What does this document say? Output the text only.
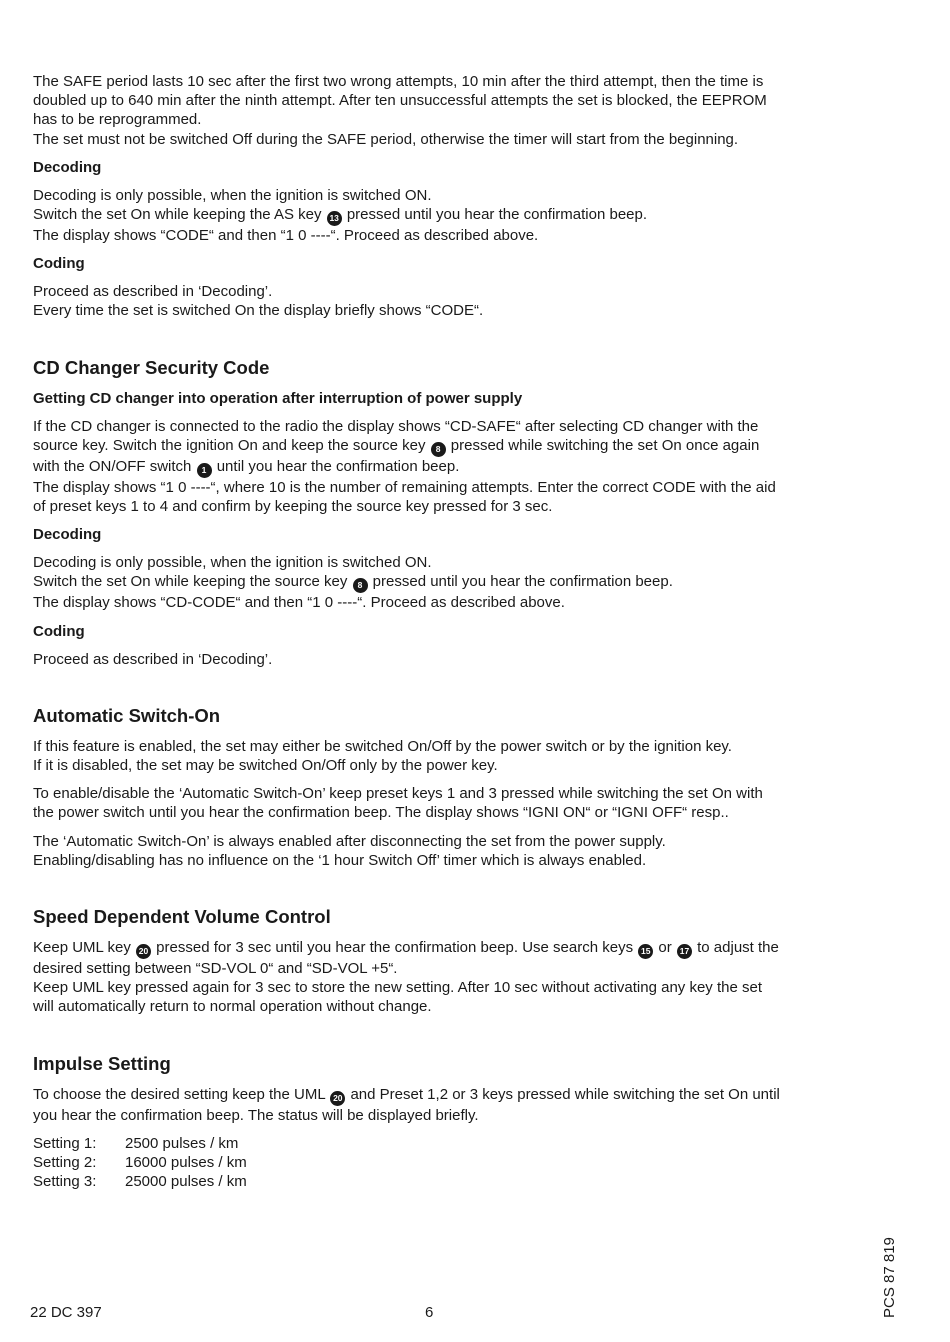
The SAFE period lasts 10 sec after the first two wrong attempts, 10 min after the third attempt, then the time is
doubled up to 640 min after the ninth attempt. After ten unsuccessful attempts the set is blocked, the EEPROM
has to be reprogrammed.
The set must not be switched Off during the SAFE period, otherwise the timer will start from the beginning.

Decoding

Decoding is only possible, when the ignition is switched ON.
Switch the set On while keeping the AS key 13 pressed until you hear the confirmation beep.
The display shows “CODE“ and then “1 0 ----“. Proceed as described above.

Coding

Proceed as described in ‘Decoding’.
Every time the set is switched On the display briefly shows “CODE“.

CD Changer Security Code
Getting CD changer into operation after interruption of power supply

If the CD changer is connected to the radio the display shows “CD-SAFE“ after selecting CD changer with the
source key. Switch the ignition On and keep the source key 8 pressed while switching the set On once again
with the ON/OFF switch 1 until you hear the confirmation beep.
The display shows “1 0 ----“, where 10 is the number of remaining attempts. Enter the correct CODE with the aid
of preset keys 1 to 4 and confirm by keeping the source key pressed for 3 sec.

Decoding

Decoding is only possible, when the ignition is switched ON.
Switch the set On while keeping the source key 8 pressed until you hear the confirmation beep.
The display shows “CD-CODE“ and then “1 0 ----“. Proceed as described above.

Coding

Proceed as described in ‘Decoding’.

Automatic Switch-On

If this feature is enabled, the set may either be switched On/Off by the power switch or by the ignition key.
If it is disabled, the set may be switched On/Off only by the power key.

To enable/disable the ‘Automatic Switch-On’ keep preset keys 1 and 3 pressed while switching the set On with
the power switch until you hear the confirmation beep. The display shows “IGNI ON“ or “IGNI OFF“ resp..

The ‘Automatic Switch-On’ is always enabled after disconnecting the set from the power supply.
Enabling/disabling has no influence on the ‘1 hour Switch Off’ timer which is always enabled.

Speed Dependent Volume Control

Keep UML key 20 pressed for 3 sec until you hear the confirmation beep. Use search keys 15 or 17 to adjust the
desired setting between “SD-VOL 0“ and “SD-VOL +5“.
Keep UML key pressed again for 3 sec to store the new setting. After 10 sec without activating any key the set
will automatically return to normal operation without change.

Impulse Setting

To choose the desired setting keep the UML 20 and Preset 1,2 or 3 keys pressed while switching the set On until
you hear the confirmation beep. The status will be displayed briefly.

Setting 1:	2500 pulses / km
Setting 2:	16000 pulses / km
Setting 3:	25000 pulses / km
22 DC 397	6	PCS 87 819
